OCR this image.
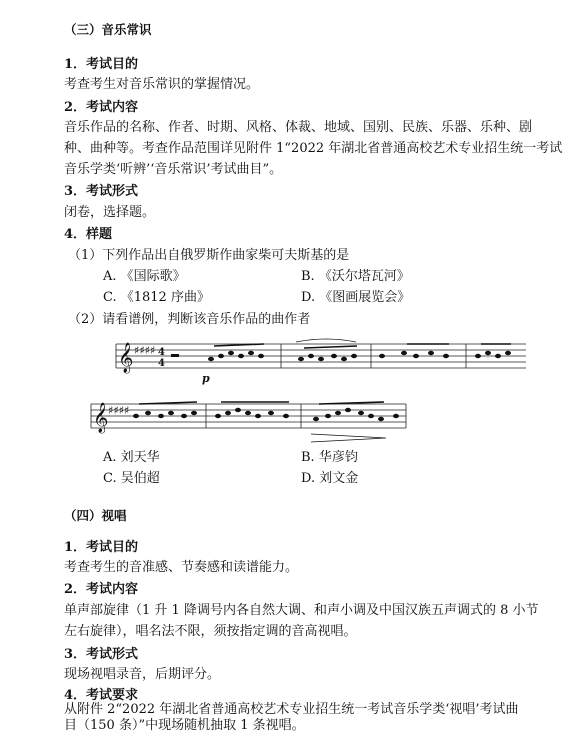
（三）音乐常识
1．考试目的
考查考生对音乐常识的掌握情况。
2．考试内容
音乐作品的名称、作者、时期、风格、体裁、地域、国别、民族、乐器、乐种、剧
种、曲种等。考查作品范围详见附件 1“2022 年湖北省普通高校艺术专业招生统一考试
音乐学类‘听辨’‘音乐常识’考试曲目”。
3．考试形式
闭卷，选择题。
4．样题
（1）下列作品出自俄罗斯作曲家柴可夫斯基的是
A. 《国际歌》	B. 《沃尔塔瓦河》
C. 《1812 序曲》	D. 《图画展览会》
（2）请看谱例，判断该音乐作品的曲作者
𝄞 ♯♯♯♯ 4
4
p
𝄞 ♯♯♯♯
A. 刘天华	B. 华彦钧
C. 吴伯超	D. 刘文金
（四）视唱
1．考试目的
考查考生的音准感、节奏感和读谱能力。
2．考试内容
单声部旋律（1 升 1 降调号内各自然大调、和声小调及中国汉族五声调式的 8 小节
左右旋律），唱名法不限，须按指定调的音高视唱。
3．考试形式
现场视唱录音，后期评分。
4．考试要求
从附件 2“2022 年湖北省普通高校艺术专业招生统一考试音乐学类‘视唱’考试曲
目（150 条）”中现场随机抽取 1 条视唱。
